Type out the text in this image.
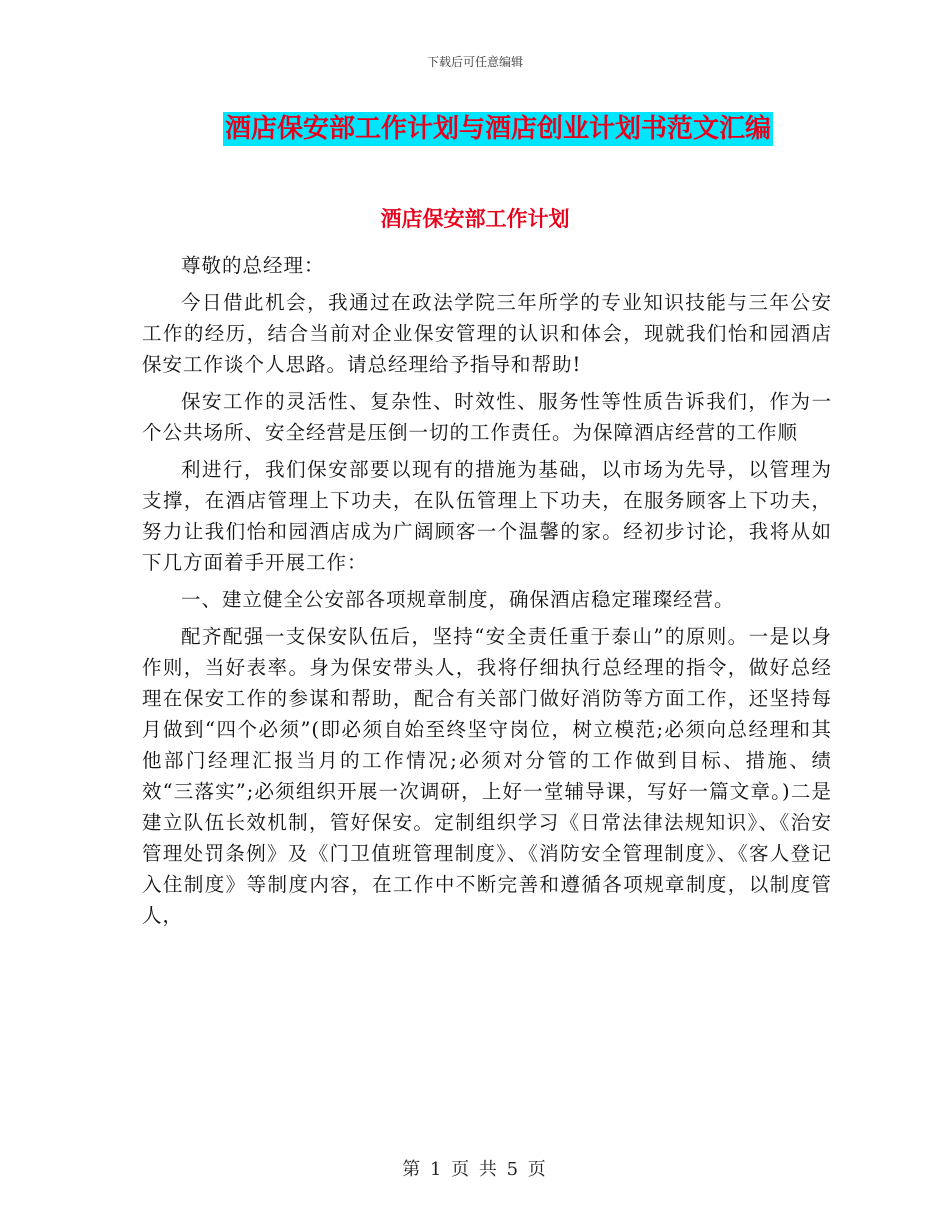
下载后可任意编辑
酒店保安部工作计划与酒店创业计划书范文汇编
酒店保安部工作计划

尊敬的总经理：

今日借此机会，我通过在政法学院三年所学的专业知识技能与三年公安工作的经历，结合当前对企业保安管理的认识和体会，现就我们怡和园酒店保安工作谈个人思路。请总经理给予指导和帮助!

保安工作的灵活性、复杂性、时效性、服务性等性质告诉我们，作为一个公共场所、安全经营是压倒一切的工作责任。为保障酒店经营的工作顺

利进行，我们保安部要以现有的措施为基础，以市场为先导，以管理为支撑，在酒店管理上下功夫，在队伍管理上下功夫，在服务顾客上下功夫，努力让我们怡和园酒店成为广阔顾客一个温馨的家。经初步讨论，我将从如下几方面着手开展工作：

一、建立健全公安部各项规章制度，确保酒店稳定璀璨经营。

配齐配强一支保安队伍后，坚持“安全责任重于泰山”的原则。一是以身作则，当好表率。身为保安带头人，我将仔细执行总经理的指令，做好总经理在保安工作的参谋和帮助，配合有关部门做好消防等方面工作，还坚持每月做到“四个必须”(即必须自始至终坚守岗位，树立模范;必须向总经理和其他部门经理汇报当月的工作情况;必须对分管的工作做到目标、措施、绩效“三落实”;必须组织开展一次调研，上好一堂辅导课，写好一篇文章。)二是建立队伍长效机制，管好保安。定制组织学习《日常法律法规知识》、《治安管理处罚条例》及《门卫值班管理制度》、《消防安全管理制度》、《客人登记入住制度》等制度内容，在工作中不断完善和遵循各项规章制度，以制度管人，

第 1 页 共 5 页
